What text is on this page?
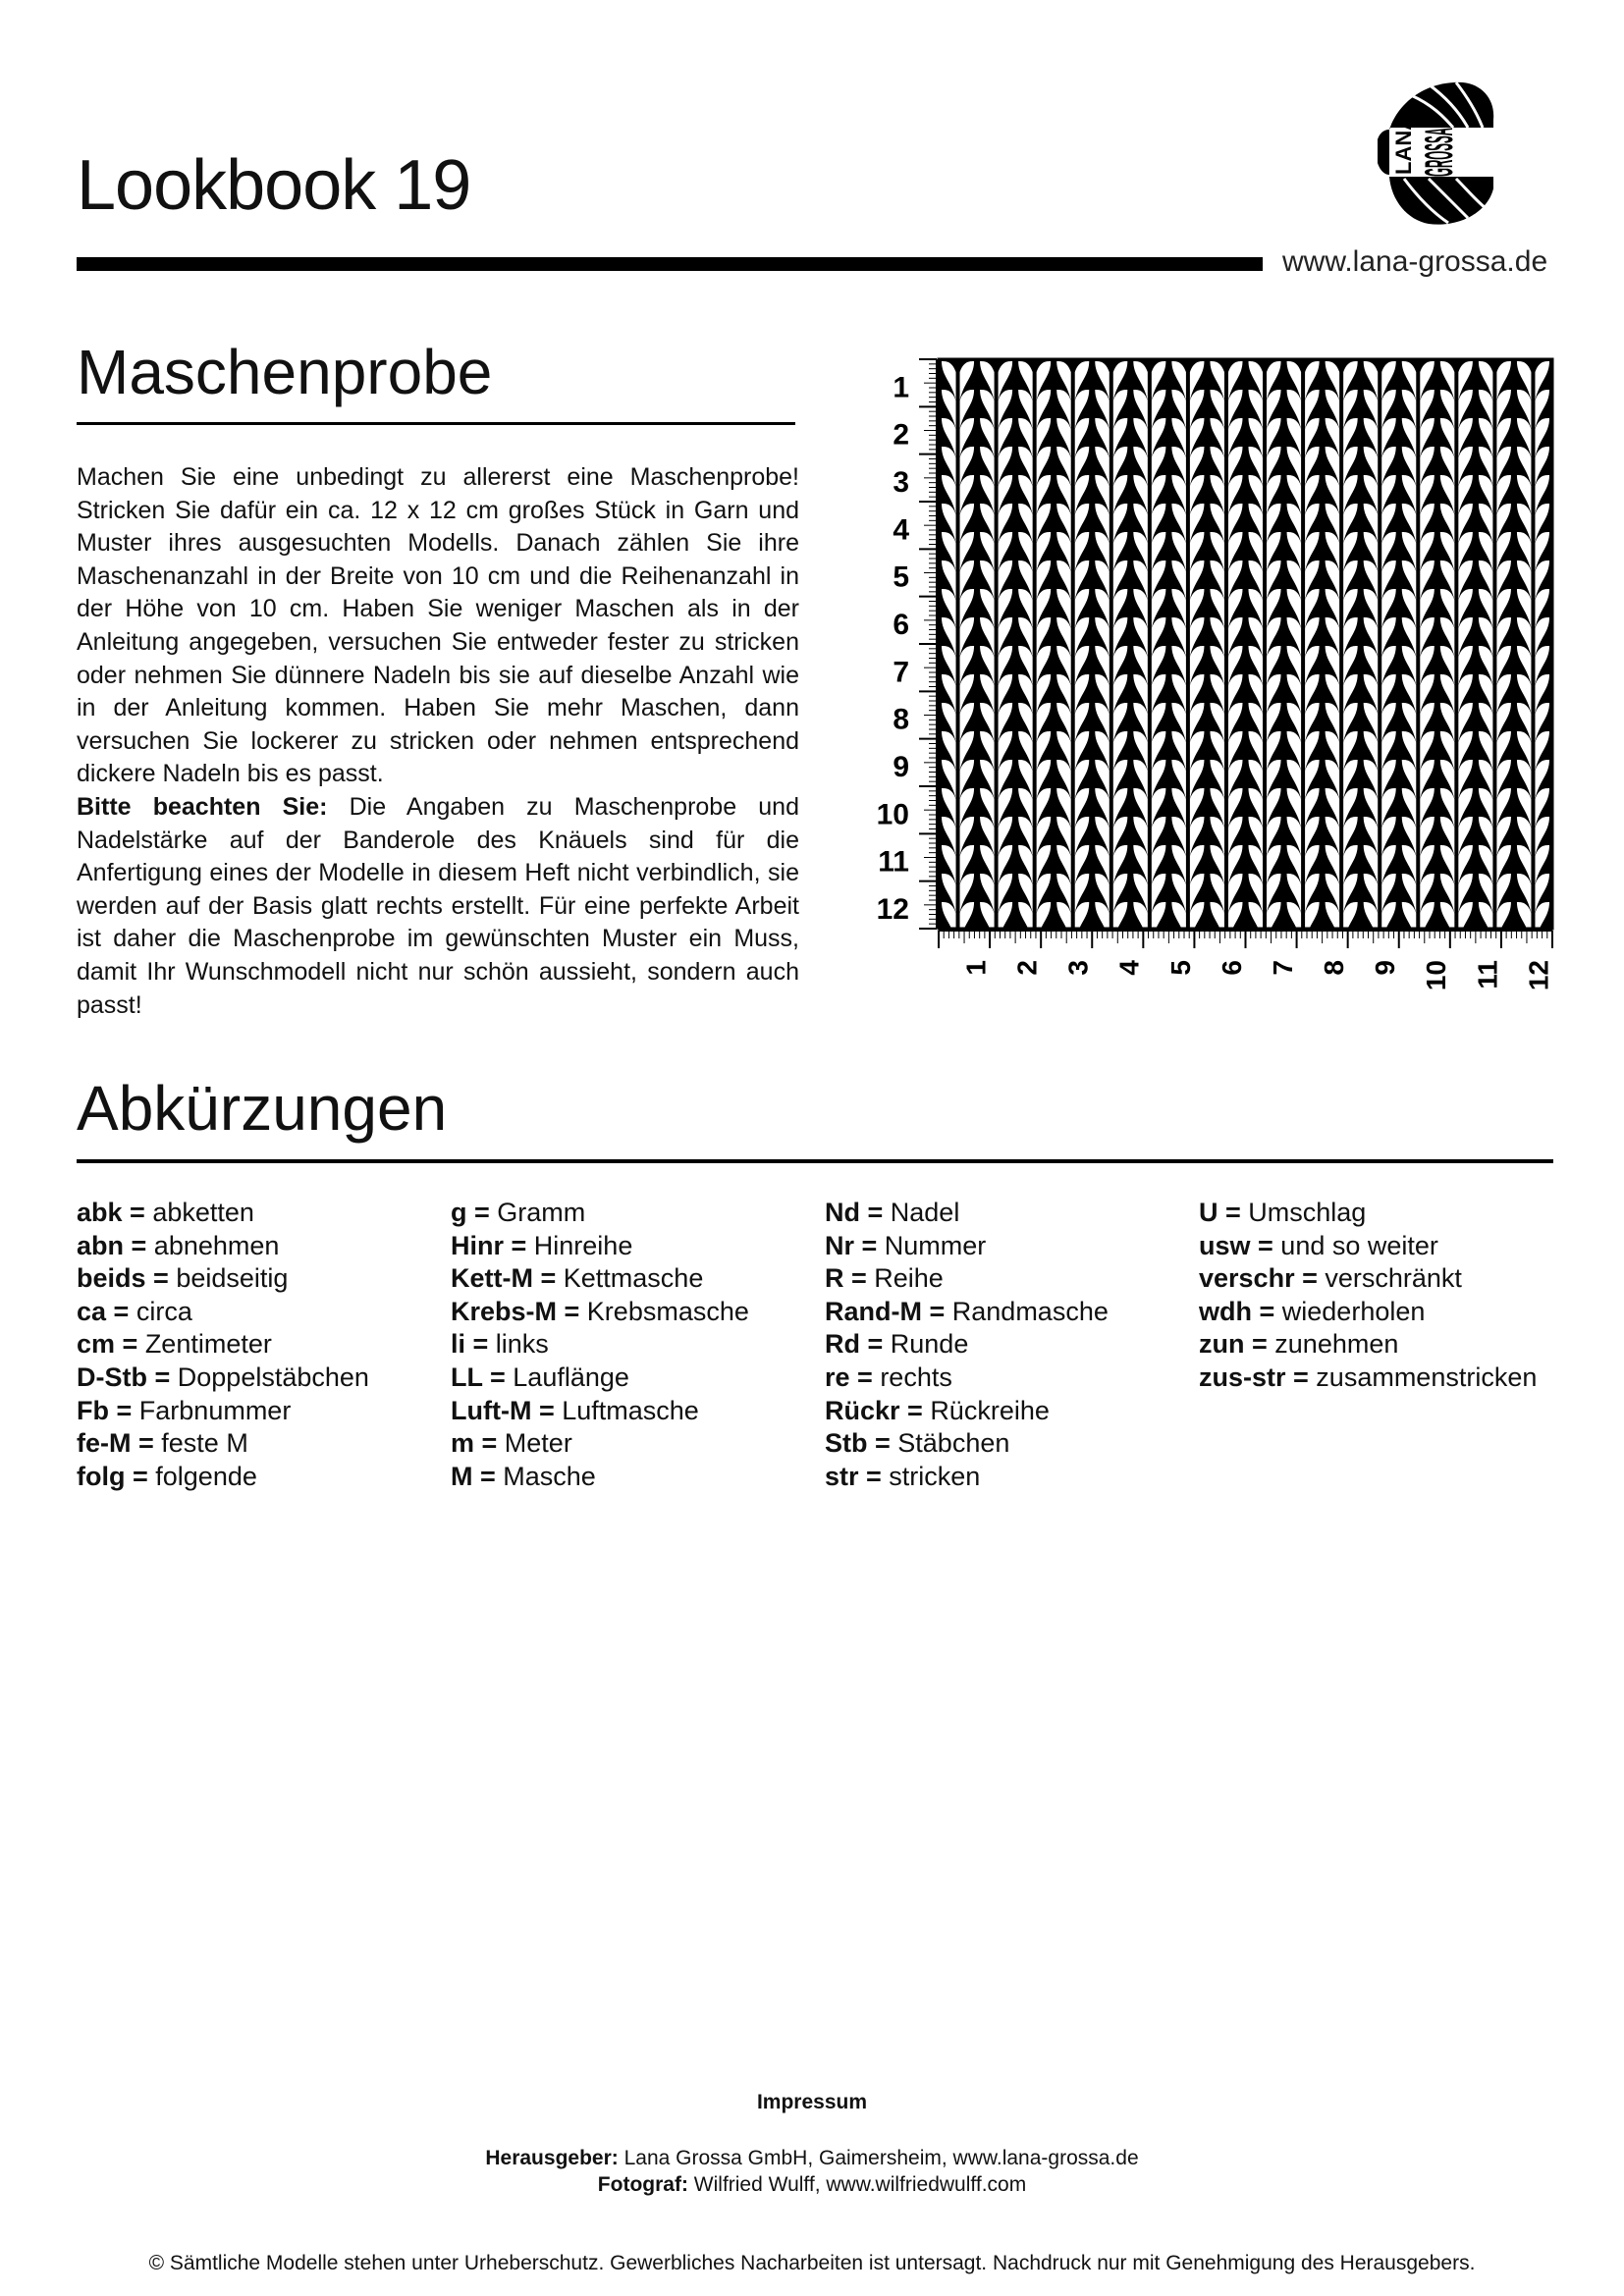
Lookbook 19
LANA
www.lana-grossa.de
Maschenprobe
Machen Sie eine unbedingt zu allererst eine Maschenprobe! Stricken Sie dafür ein ca. 12 x 12 cm großes Stück in Garn und Muster ihres ausgesuchten Modells. Danach zählen Sie ihre Maschenanzahl in der Breite von 10 cm und die Reihenanzahl in der Höhe von 10 cm. Haben Sie weniger Maschen als in der Anleitung angegeben, versuchen Sie entweder fester zu stricken oder nehmen Sie dünnere Nadeln bis sie auf dieselbe Anzahl wie in der Anleitung kommen. Haben Sie mehr Maschen, dann versuchen Sie lockerer zu stricken oder nehmen entsprechend dickere Nadeln bis es passt.
Bitte beachten Sie: Die Angaben zu Maschenprobe und Nadelstärke auf der Banderole des Knäuels sind für die Anfertigung eines der Modelle in diesem Heft nicht verbindlich, sie werden auf der Basis glatt rechts erstellt. Für eine perfekte Arbeit ist daher die Maschenprobe im gewünschten Muster ein Muss, damit Ihr Wunschmodell nicht nur schön aussieht, sondern auch passt!
1
2
3
4
5
6
7
8
9
10
11
12
1 2 3 4 5 6 7 8 9 10 11 12
Abkürzungen
abk = abketten
abn = abnehmen
beids = beidseitig
ca = circa
cm = Zentimeter
D-Stb = Doppelstäbchen
Fb = Farbnummer
fe-M = feste M
folg = folgende
g = Gramm
Hinr = Hinreihe
Kett-M = Kettmasche
Krebs-M = Krebsmasche
li = links
LL = Lauflänge
Luft-M = Luftmasche
m = Meter
M = Masche
Nd = Nadel
Nr = Nummer
R = Reihe
Rand-M = Randmasche
Rd = Runde
re = rechts
Rückr = Rückreihe
Stb = Stäbchen
str = stricken
U = Umschlag
usw = und so weiter
verschr = verschränkt
wdh = wiederholen
zun = zunehmen
zus-str = zusammenstricken
Impressum
Herausgeber: Lana Grossa GmbH, Gaimersheim, www.lana-grossa.de
Fotograf: Wilfried Wulff, www.wilfriedwulff.com
© Sämtliche Modelle stehen unter Urheberschutz. Gewerbliches Nacharbeiten ist untersagt. Nachdruck nur mit Genehmigung des Herausgebers.
